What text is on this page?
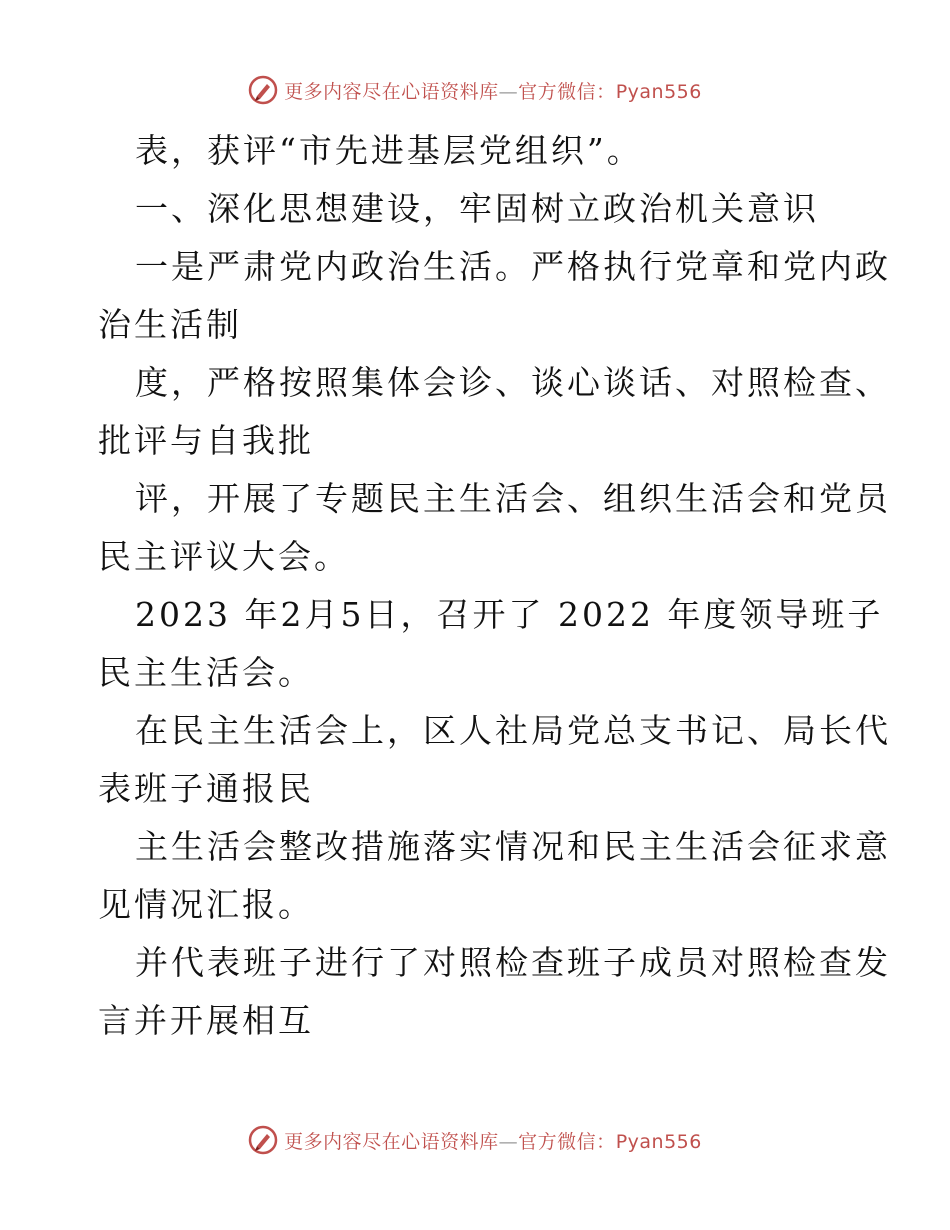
更多内容尽在心语资料库—官方微信：Pyan556
表，获评“市先进基层党组织”。
一、深化思想建设，牢固树立政治机关意识
一是严肃党内政治生活。严格执行党章和党内政
治生活制
度，严格按照集体会诊、谈心谈话、对照检查、
批评与自我批
评，开展了专题民主生活会、组织生活会和党员
民主评议大会。
2023 年2月5日，召开了 2022 年度领导班子
民主生活会。
在民主生活会上，区人社局党总支书记、局长代
表班子通报民
主生活会整改措施落实情况和民主生活会征求意
见情况汇报。
并代表班子进行了对照检查班子成员对照检查发
言并开展相互
更多内容尽在心语资料库—官方微信：Pyan556
